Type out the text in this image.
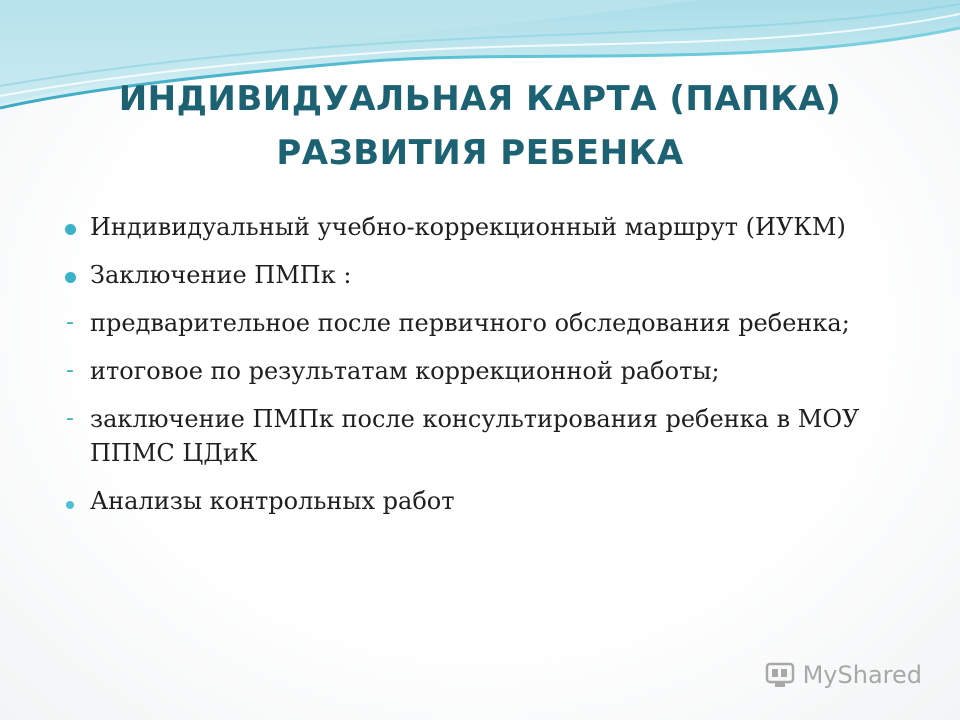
ИНДИВИДУАЛЬНАЯ КАРТА (ПАПКА)
РАЗВИТИЯ РЕБЕНКА
Индивидуальный учебно-коррекционный маршрут (ИУКМ)
Заключение ПМПк :
- предварительное после первичного обследования ребенка;
- итоговое по результатам коррекционной работы;
- заключение ПМПк после консультирования ребенка в МОУ ППМС ЦДиК
Анализы контрольных работ
MyShared
